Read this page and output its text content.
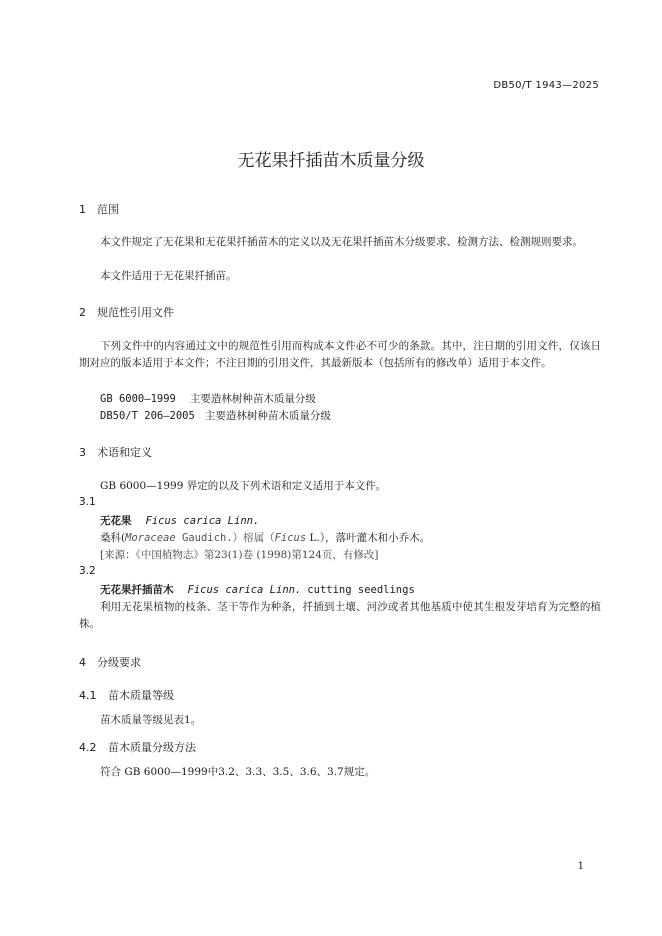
DB50/T 1943—2025
无花果扦插苗木质量分级
1 范围
本文件规定了无花果和无花果扦插苗木的定义以及无花果扦插苗木分级要求、检测方法、检测规则要求。
本文件适用于无花果扦插苗。
2 规范性引用文件
下列文件中的内容通过文中的规范性引用而构成本文件必不可少的条款。其中，注日期的引用文件，仅该日期对应的版本适用于本文件；不注日期的引用文件，其最新版本（包括所有的修改单）适用于本文件。
GB 6000—1999 主要造林树种苗木质量分级
DB50/T 206—2005 主要造林树种苗木质量分级
3 术语和定义
GB 6000—1999 界定的以及下列术语和定义适用于本文件。
3.1
无花果 Ficus carica Linn.
桑科(Moraceae Gaudich.）榕属（Ficus L.），落叶灌木和小乔木。
[来源：《中国植物志》第23(1)卷 (1998)第124页，有修改]
3.2
无花果扦插苗木 Ficus carica Linn. cutting seedlings
利用无花果植物的枝条、茎干等作为种条，扦插到土壤、河沙或者其他基质中使其生根发芽培育为完整的植株。
4 分级要求
4.1 苗木质量等级
苗木质量等级见表1。
4.2 苗木质量分级方法
符合 GB 6000—1999中3.2、3.3、3.5、3.6、3.7规定。
1
